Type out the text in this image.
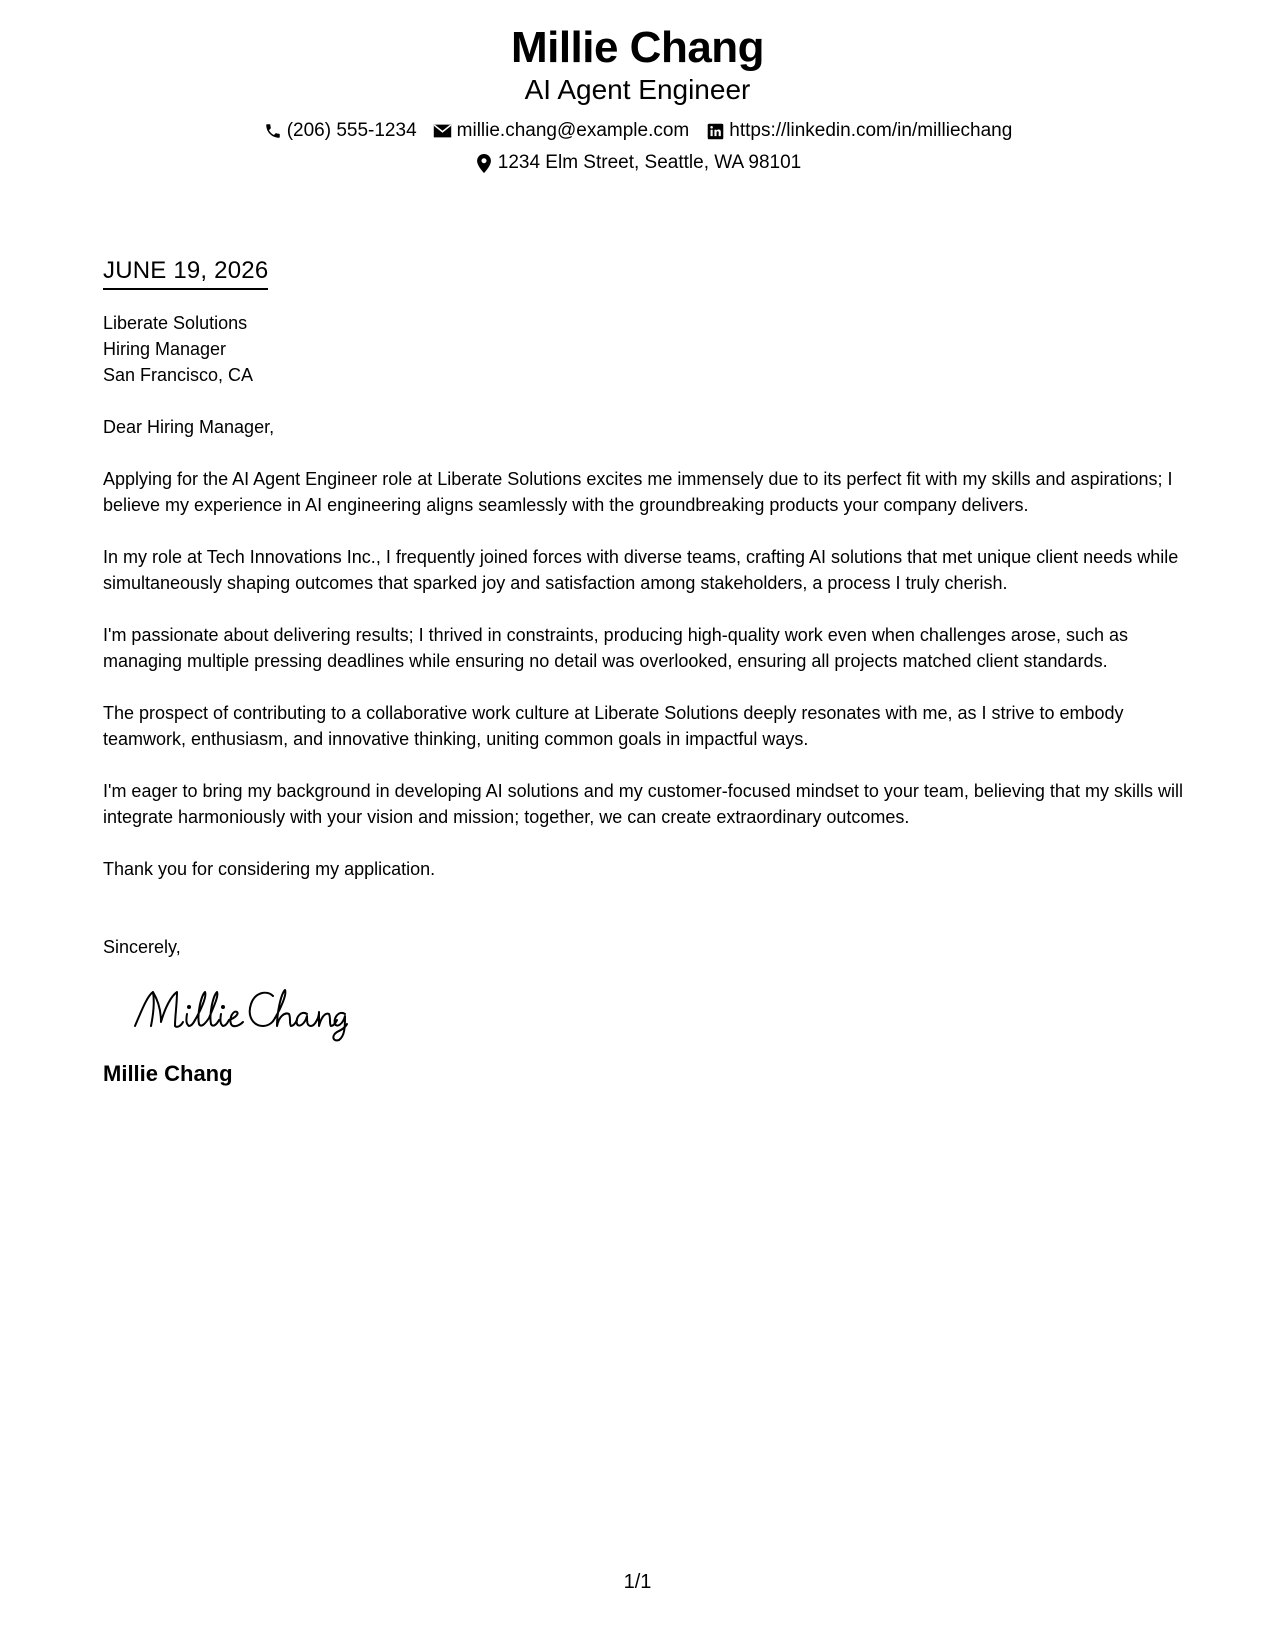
Millie Chang
AI Agent Engineer
(206) 555-1234 millie.chang@example.com https://linkedin.com/in/milliechang
1234 Elm Street, Seattle, WA 98101
JUNE 19, 2026
Liberate Solutions
Hiring Manager
San Francisco, CA
Dear Hiring Manager,

Applying for the AI Agent Engineer role at Liberate Solutions excites me immensely due to its perfect fit with my skills and aspirations; I believe my experience in AI engineering aligns seamlessly with the groundbreaking products your company delivers.

In my role at Tech Innovations Inc., I frequently joined forces with diverse teams, crafting AI solutions that met unique client needs while simultaneously shaping outcomes that sparked joy and satisfaction among stakeholders, a process I truly cherish.

I'm passionate about delivering results; I thrived in constraints, producing high-quality work even when challenges arose, such as managing multiple pressing deadlines while ensuring no detail was overlooked, ensuring all projects matched client standards.

The prospect of contributing to a collaborative work culture at Liberate Solutions deeply resonates with me, as I strive to embody teamwork, enthusiasm, and innovative thinking, uniting common goals in impactful ways.

I'm eager to bring my background in developing AI solutions and my customer-focused mindset to your team, believing that my skills will integrate harmoniously with your vision and mission; together, we can create extraordinary outcomes.

Thank you for considering my application.

Sincerely,
Millie Chang
1/1
